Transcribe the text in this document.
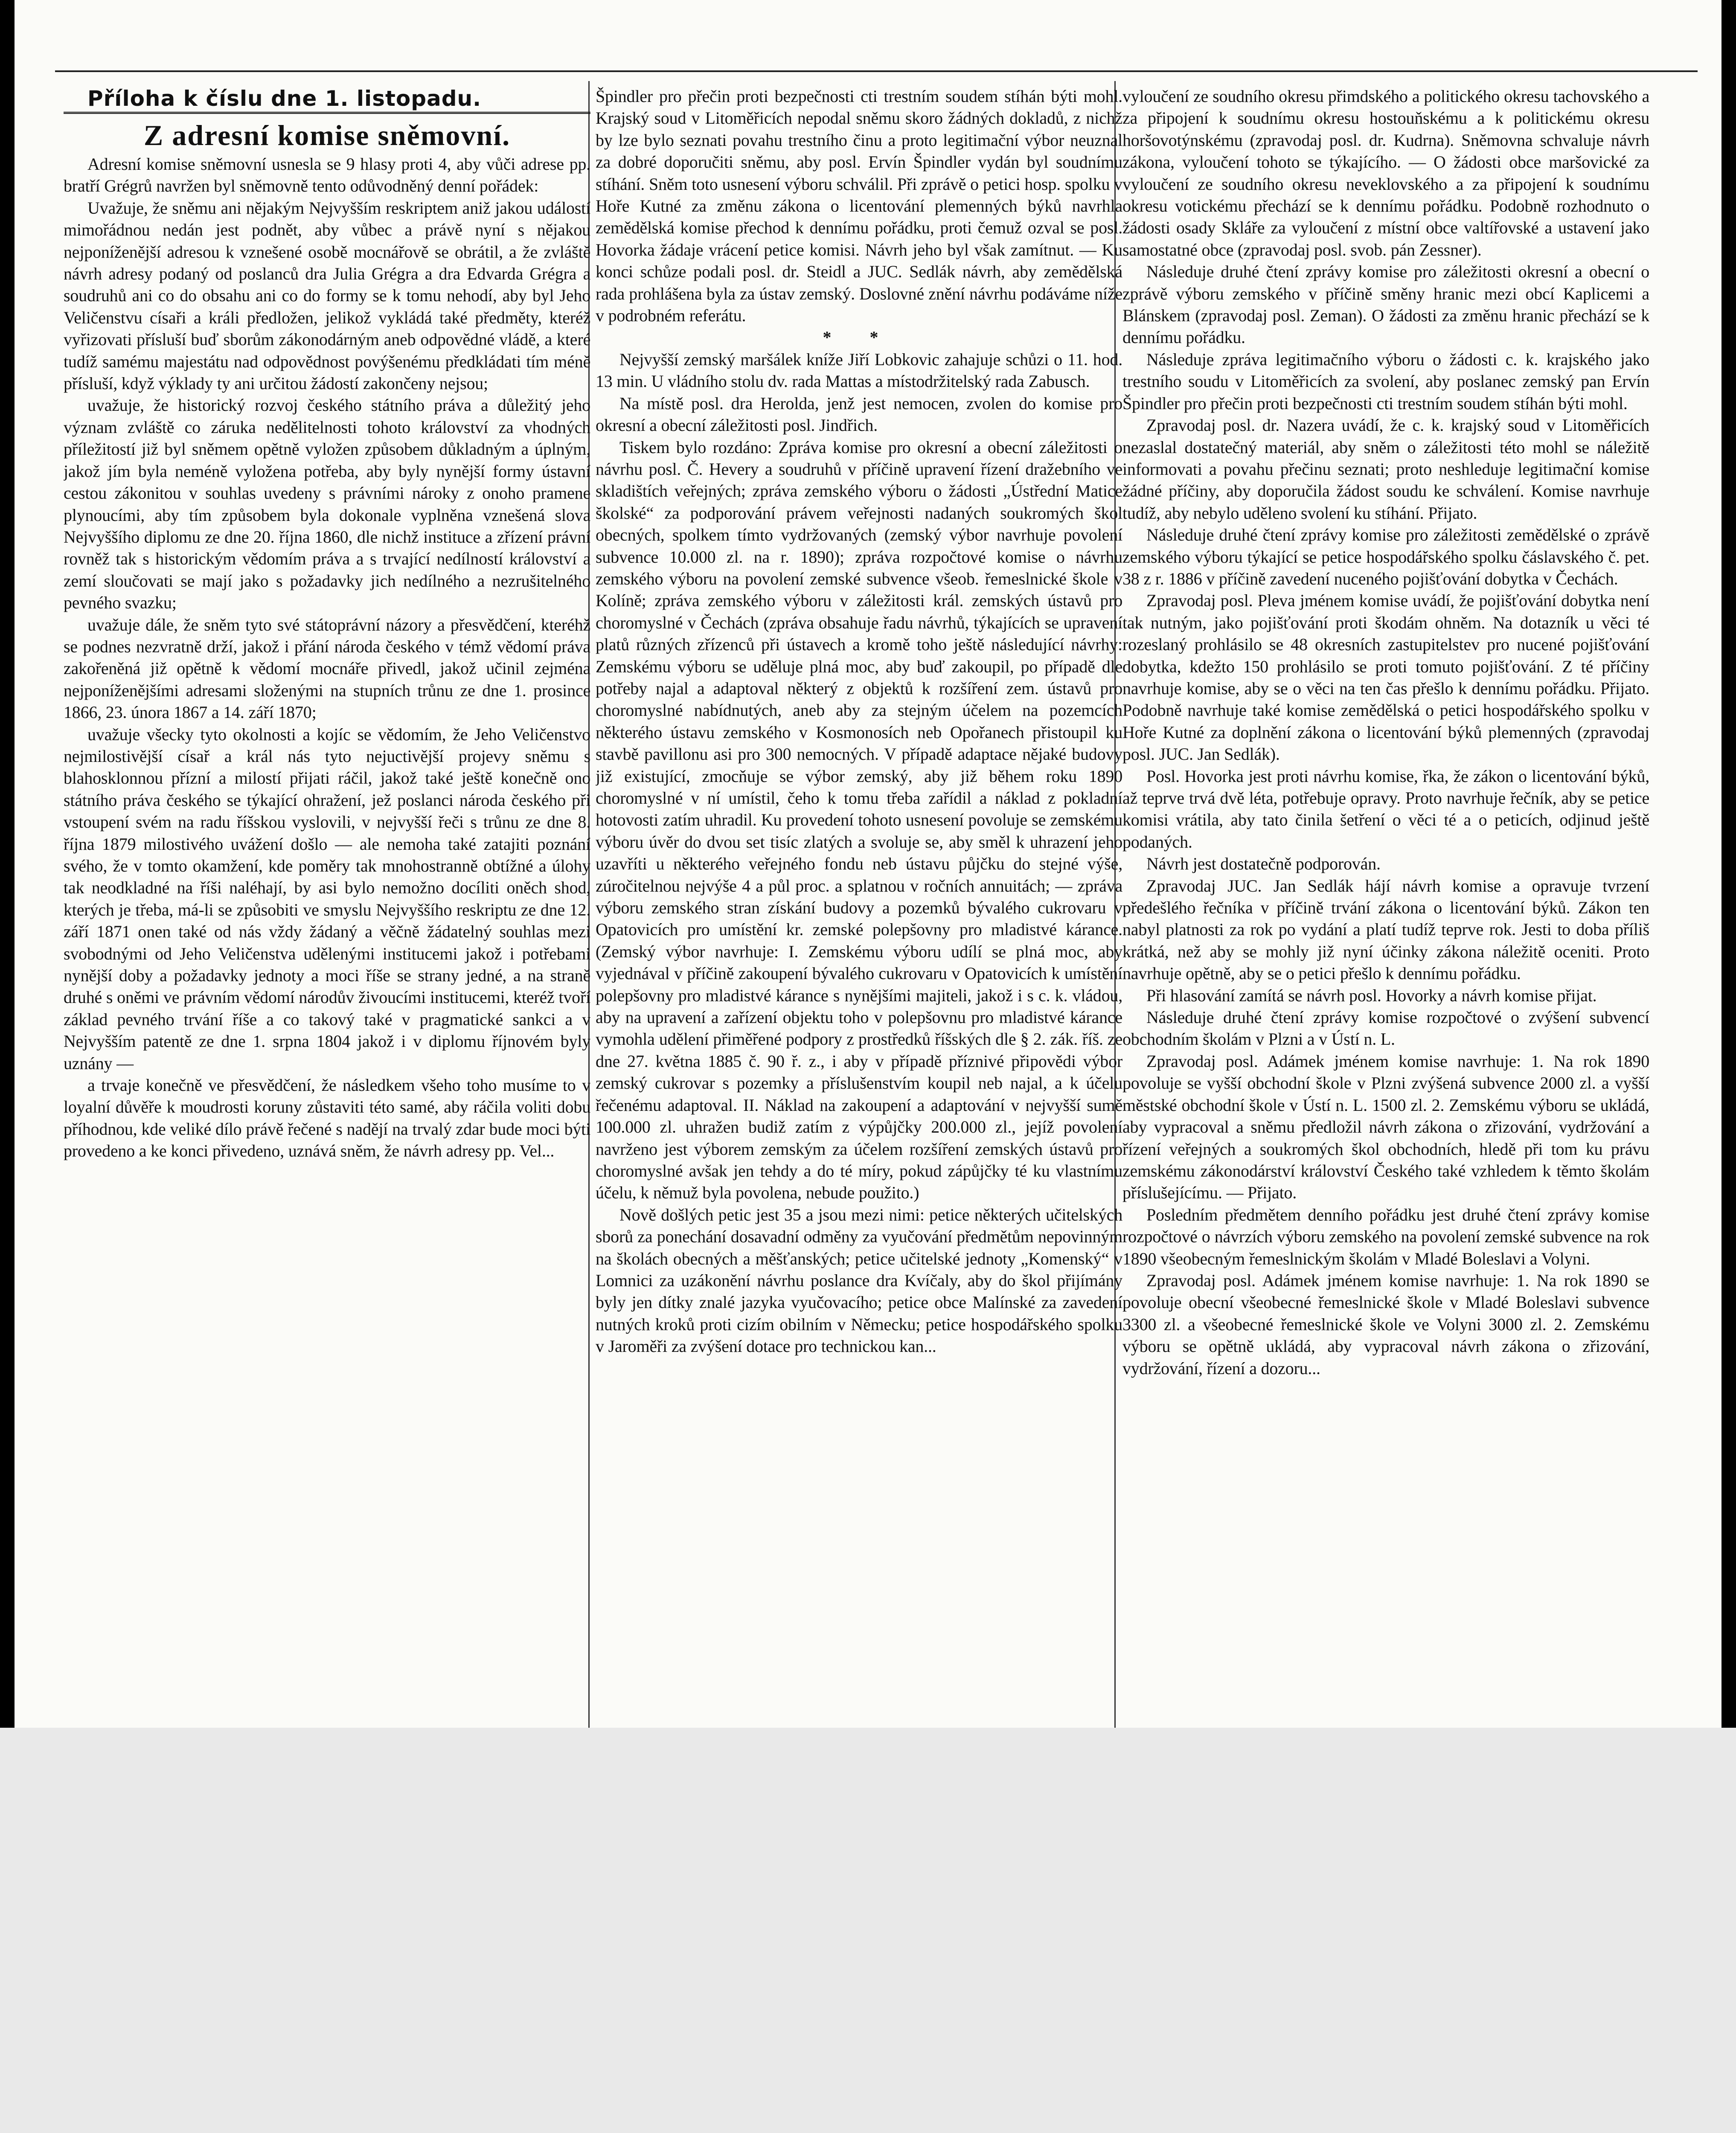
Příloha k číslu dne 1. listopadu.

Z adresní komise sněmovní.

Adresní komise sněmovní usnesla se 9 hlasy proti 4, aby vůči adrese pp. bratří Grégrů navržen byl sněmovně tento odůvodněný denní pořádek:

Uvažuje, že sněmu ani nějakým Nejvyšším reskriptem aniž jakou událostí mimořádnou nedán jest podnět, aby vůbec a právě nyní s nějakou nejponíženější adresou k vznešené osobě mocnářově se obrátil, a že zvláště návrh adresy podaný od poslanců dra Julia Grégra a dra Edvarda Grégra a soudruhů ani co do obsahu ani co do formy se k tomu nehodí, aby byl Jeho Veličenstvu císaři a králi předložen, jelikož vykládá také předměty, kteréž vyřizovati přísluší buď sborům zákonodárným aneb odpovědné vládě, a které tudíž samému majestátu nad odpovědnost povýšenému předkládati tím méně přísluší, když výklady ty ani určitou žádostí zakončeny nejsou;

uvažuje, že historický rozvoj českého státního práva a důležitý jeho význam zvláště co záruka nedělitelnosti tohoto království za vhodných příležitostí již byl sněmem opětně vyložen způsobem důkladným a úplným, jakož jím byla neméně vyložena potřeba, aby byly nynější formy ústavní cestou zákonitou v souhlas uvedeny s právními nároky z onoho pramene plynoucími, aby tím způsobem byla dokonale vyplněna vznešená slova Nejvyššího diplomu ze dne 20. října 1860, dle nichž instituce a zřízení právní rovněž tak s historickým vědomím práva a s trvající nedílností království a zemí sloučovati se mají jako s požadavky jich nedílného a nezrušitelného pevného svazku;

uvažuje dále, že sněm tyto své státoprávní názory a přesvědčení, kteréhž se podnes nezvratně drží, jakož i přání národa českého v témž vědomí práva zakořeněná již opětně k vědomí mocnáře přivedl, jakož učinil zejména nejponíženějšími adresami složenými na stupních trůnu ze dne 1. prosince 1866, 23. února 1867 a 14. září 1870;

uvažuje všecky tyto okolnosti a kojíc se vědomím, že Jeho Veličenstvo nejmilostivější císař a král nás tyto nejuctivější projevy sněmu s blahosklonnou přízní a milostí přijati ráčil, jakož také ještě konečně ono státního práva českého se týkající ohražení, jež poslanci národa českého při vstoupení svém na radu říšskou vyslovili, v nejvyšší řeči s trůnu ze dne 8. října 1879 milostivého uvážení došlo — ale nemoha také zatajiti poznání svého, že v tomto okamžení, kde poměry tak mnohostranně obtížné a úlohy tak neodkladné na říši naléhají, by asi bylo nemožno docíliti oněch shod, kterých je třeba, má-li se způsobiti ve smyslu Nejvyššího reskriptu ze dne 12. září 1871 onen také od nás vždy žádaný a věčně žádatelný souhlas mezi svobodnými od Jeho Veličenstva udělenými institucemi jakož i potřebami nynější doby a požadavky jednoty a moci říše se strany jedné, a na straně druhé s oněmi ve právním vědomí národův živoucími institucemi, kteréž tvoří základ pevného trvání říše a co takový také v pragmatické sankci a v Nejvyšším patentě ze dne 1. srpna 1804 jakož i v diplomu říjnovém byly uznány —

a trvaje konečně ve přesvědčení, že následkem všeho toho musíme to v loyalní důvěře k moudrosti koruny zůstaviti této samé, aby ráčila voliti dobu příhodnou, kde veliké dílo právě řečené s nadějí na trvalý zdar bude moci býti provedeno a ke konci přivedeno, uznává sněm, že návrh adresy pp. Vel...

Špindler pro přečin proti bezpečnosti cti trestním soudem stíhán býti mohl. Krajský soud v Litoměřicích nepodal sněmu skoro žádných dokladů, z nichž by lze bylo seznati povahu trestního činu a proto legitimační výbor neuznal za dobré doporučiti sněmu, aby posl. Ervín Špindler vydán byl soudnímu stíhání. Sněm toto usnesení výboru schválil. Při zprávě o petici hosp. spolku v Hoře Kutné za změnu zákona o licentování plemenných býků navrhla zemědělská komise přechod k dennímu pořádku, proti čemuž ozval se posl. Hovorka žádaje vrácení petice komisi. Návrh jeho byl však zamítnut. — Ku konci schůze podali posl. dr. Steidl a JUC. Sedlák návrh, aby zemědělská rada prohlášena byla za ústav zemský. Doslovné znění návrhu podáváme níže v podrobném referátu.

* *

Nejvyšší zemský maršálek kníže Jiří Lobkovic zahajuje schůzi o 11. hod. 13 min. U vládního stolu dv. rada Mattas a místodržitelský rada Zabusch.

Na místě posl. dra Herolda, jenž jest nemocen, zvolen do komise pro okresní a obecní záležitosti posl. Jindřich.

Tiskem bylo rozdáno: Zpráva komise pro okresní a obecní záležitosti o návrhu posl. Č. Hevery a soudruhů v příčině upravení řízení dražebního ve skladištích veřejných; zpráva zemského výboru o žádosti „Ústřední Matice školské“ za podporování právem veřejnosti nadaných soukromých škol obecných, spolkem tímto vydržovaných (zemský výbor navrhuje povolení subvence 10.000 zl. na r. 1890); zpráva rozpočtové komise o návrhu zemského výboru na povolení zemské subvence všeob. řemeslnické škole v Kolíně; zpráva zemského výboru v záležitosti král. zemských ústavů pro choromyslné v Čechách (zpráva obsahuje řadu návrhů, týkajících se upravení platů různých zřízenců při ústavech a kromě toho ještě následující návrhy: Zemskému výboru se uděluje plná moc, aby buď zakoupil, po případě dle potřeby najal a adaptoval některý z objektů k rozšíření zem. ústavů pro choromyslné nabídnutých, aneb aby za stejným účelem na pozemcích některého ústavu zemského v Kosmonosích neb Opořanech přistoupil ku stavbě pavillonu asi pro 300 nemocných. V případě adaptace nějaké budovy již existující, zmocňuje se výbor zemský, aby již během roku 1890 choromyslné v ní umístil, čeho k tomu třeba zařídil a náklad z pokladní hotovosti zatím uhradil. Ku provedení tohoto usnesení povoluje se zemskému výboru úvěr do dvou set tisíc zlatých a svoluje se, aby směl k uhrazení jeho uzavříti u některého veřejného fondu neb ústavu půjčku do stejné výše, zúročitelnou nejvýše 4 a půl proc. a splatnou v ročních annuitách; — zpráva výboru zemského stran získání budovy a pozemků bývalého cukrovaru v Opatovicích pro umístění kr. zemské polepšovny pro mladistvé kárance. (Zemský výbor navrhuje: I. Zemskému výboru udílí se plná moc, aby vyjednával v příčině zakoupení bývalého cukrovaru v Opatovicích k umístění polepšovny pro mladistvé kárance s nynějšími majiteli, jakož i s c. k. vládou, aby na upravení a zařízení objektu toho v polepšovnu pro mladistvé kárance vymohla udělení přiměřené podpory z prostředků říšských dle § 2. zák. říš. ze dne 27. května 1885 č. 90 ř. z., i aby v případě příznivé připovědi výbor zemský cukrovar s pozemky a příslušenstvím koupil neb najal, a k účelu řečenému adaptoval. II. Náklad na zakoupení a adaptování v nejvyšší sumě 100.000 zl. uhražen budiž zatím z výpůjčky 200.000 zl., jejíž povolení navrženo jest výborem zemským za účelem rozšíření zemských ústavů pro choromyslné avšak jen tehdy a do té míry, pokud zápůjčky té ku vlastnímu účelu, k němuž byla povolena, nebude použito.)

Nově došlých petic jest 35 a jsou mezi nimi: petice některých učitelských sborů za ponechání dosavadní odměny za vyučování předmětům nepovinným na školách obecných a měšťanských; petice učitelské jednoty „Komenský“ v Lomnici za uzákonění návrhu poslance dra Kvíčaly, aby do škol přijímány byly jen dítky znalé jazyka vyučovacího; petice obce Malínské za zavedení nutných kroků proti cizím obilním v Německu; petice hospodářského spolku v Jaroměři za zvýšení dotace pro technickou kan...

vyloučení ze soudního okresu přimdského a politického okresu tachovského a za připojení k soudnímu okresu hostouňskému a k politickému okresu horšovotýnskému (zpravodaj posl. dr. Kudrna). Sněmovna schvaluje návrh zákona, vyloučení tohoto se týkajícího. — O žádosti obce maršovické za vyloučení ze soudního okresu neveklovského a za připojení k soudnímu okresu votickému přechází se k dennímu pořádku. Podobně rozhodnuto o žádosti osady Skláře za vyloučení z místní obce valtířovské a ustavení jako samostatné obce (zpravodaj posl. svob. pán Zessner).

Následuje druhé čtení zprávy komise pro záležitosti okresní a obecní o zprávě výboru zemského v příčině směny hranic mezi obcí Kaplicemi a Blánskem (zpravodaj posl. Zeman). O žádosti za změnu hranic přechází se k dennímu pořádku.

Následuje zpráva legitimačního výboru o žádosti c. k. krajského jako trestního soudu v Litoměřicích za svolení, aby poslanec zemský pan Ervín Špindler pro přečin proti bezpečnosti cti trestním soudem stíhán býti mohl.

Zpravodaj posl. dr. Nazera uvádí, že c. k. krajský soud v Litoměřicích nezaslal dostatečný materiál, aby sněm o záležitosti této mohl se náležitě informovati a povahu přečinu seznati; proto neshleduje legitimační komise žádné příčiny, aby doporučila žádost soudu ke schválení. Komise navrhuje tudíž, aby nebylo uděleno svolení ku stíhání. Přijato.

Následuje druhé čtení zprávy komise pro záležitosti zemědělské o zprávě zemského výboru týkající se petice hospodářského spolku čáslavského č. pet. 38 z r. 1886 v příčině zavedení nuceného pojišťování dobytka v Čechách.

Zpravodaj posl. Pleva jménem komise uvádí, že pojišťování dobytka není tak nutným, jako pojišťování proti škodám ohněm. Na dotazník u věci té rozeslaný prohlásilo se 48 okresních zastupitelstev pro nucené pojišťování dobytka, kdežto 150 prohlásilo se proti tomuto pojišťování. Z té příčiny navrhuje komise, aby se o věci na ten čas přešlo k dennímu pořádku. Přijato. Podobně navrhuje také komise zemědělská o petici hospodářského spolku v Hoře Kutné za doplnění zákona o licentování býků plemenných (zpravodaj posl. JUC. Jan Sedlák).

Posl. Hovorka jest proti návrhu komise, řka, že zákon o licentování býků, až teprve trvá dvě léta, potřebuje opravy. Proto navrhuje řečník, aby se petice komisi vrátila, aby tato činila šetření o věci té a o peticích, odjinud ještě podaných.

Návrh jest dostatečně podporován.

Zpravodaj JUC. Jan Sedlák hájí návrh komise a opravuje tvrzení předešlého řečníka v příčině trvání zákona o licentování býků. Zákon ten nabyl platnosti za rok po vydání a platí tudíž teprve rok. Jesti to doba příliš krátká, než aby se mohly již nyní účinky zákona náležitě oceniti. Proto navrhuje opětně, aby se o petici přešlo k dennímu pořádku.

Při hlasování zamítá se návrh posl. Hovorky a návrh komise přijat.

Následuje druhé čtení zprávy komise rozpočtové o zvýšení subvencí obchodním školám v Plzni a v Ústí n. L.

Zpravodaj posl. Adámek jménem komise navrhuje: 1. Na rok 1890 povoluje se vyšší obchodní škole v Plzni zvýšená subvence 2000 zl. a vyšší městské obchodní škole v Ústí n. L. 1500 zl. 2. Zemskému výboru se ukládá, aby vypracoval a sněmu předložil návrh zákona o zřizování, vydržování a řízení veřejných a soukromých škol obchodních, hledě při tom ku právu zemskému zákonodárství království Českého také vzhledem k těmto školám příslušejícímu. — Přijato.

Posledním předmětem denního pořádku jest druhé čtení zprávy komise rozpočtové o návrzích výboru zemského na povolení zemské subvence na rok 1890 všeobecným řemeslnickým školám v Mladé Boleslavi a Volyni.

Zpravodaj posl. Adámek jménem komise navrhuje: 1. Na rok 1890 se povoluje obecní všeobecné řemeslnické škole v Mladé Boleslavi subvence 3300 zl. a všeobecné řemeslnické škole ve Volyni 3000 zl. 2. Zemskému výboru se opětně ukládá, aby vypracoval návrh zákona o zřizování, vydržování, řízení a dozoru...
